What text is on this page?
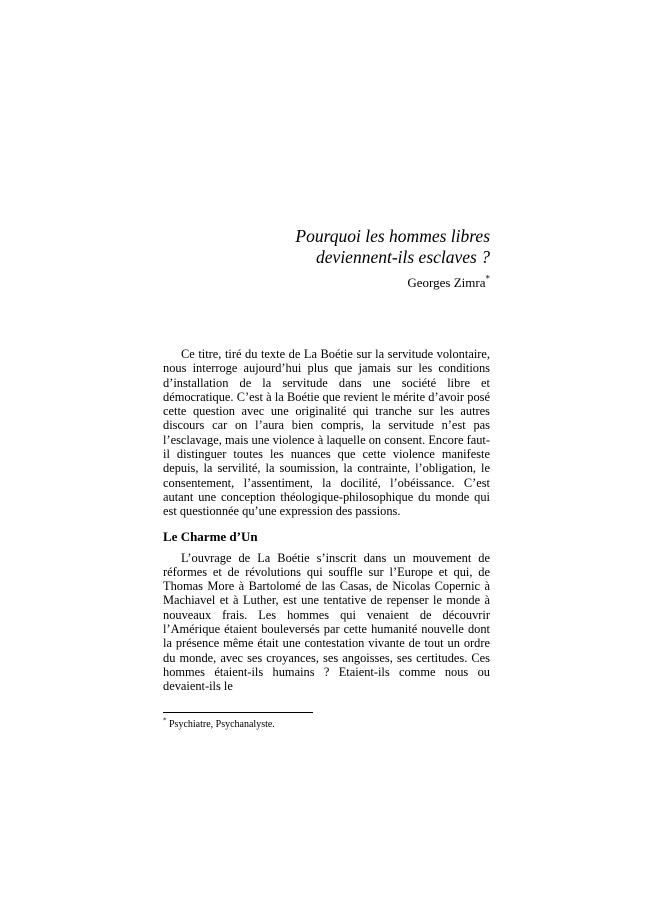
Pourquoi les hommes libres
deviennent-ils esclaves ?
Georges Zimra*

Ce titre, tiré du texte de La Boétie sur la servitude volontaire, nous interroge aujourd’hui plus que jamais sur les conditions d’installation de la servitude dans une société libre et démocratique. C’est à la Boétie que revient le mérite d’avoir posé cette question avec une originalité qui tranche sur les autres discours car on l’aura bien compris, la servitude n’est pas l’esclavage, mais une violence à laquelle on consent. Encore faut-il distinguer toutes les nuances que cette violence manifeste depuis, la servilité, la soumission, la contrainte, l’obligation, le consentement, l’assentiment, la docilité, l’obéissance. C’est autant une conception théologique-philosophique du monde qui est questionnée qu’une expression des passions.

Le Charme d’Un

L’ouvrage de La Boétie s’inscrit dans un mouvement de réformes et de révolutions qui souffle sur l’Europe et qui, de Thomas More à Bartolomé de las Casas, de Nicolas Copernic à Machiavel et à Luther, est une tentative de repenser le monde à nouveaux frais. Les hommes qui venaient de découvrir l’Amérique étaient bouleversés par cette humanité nouvelle dont la présence même était une contestation vivante de tout un ordre du monde, avec ses croyances, ses angoisses, ses certitudes. Ces hommes étaient-ils humains ? Etaient-ils comme nous ou devaient-ils le

* Psychiatre, Psychanalyste.
